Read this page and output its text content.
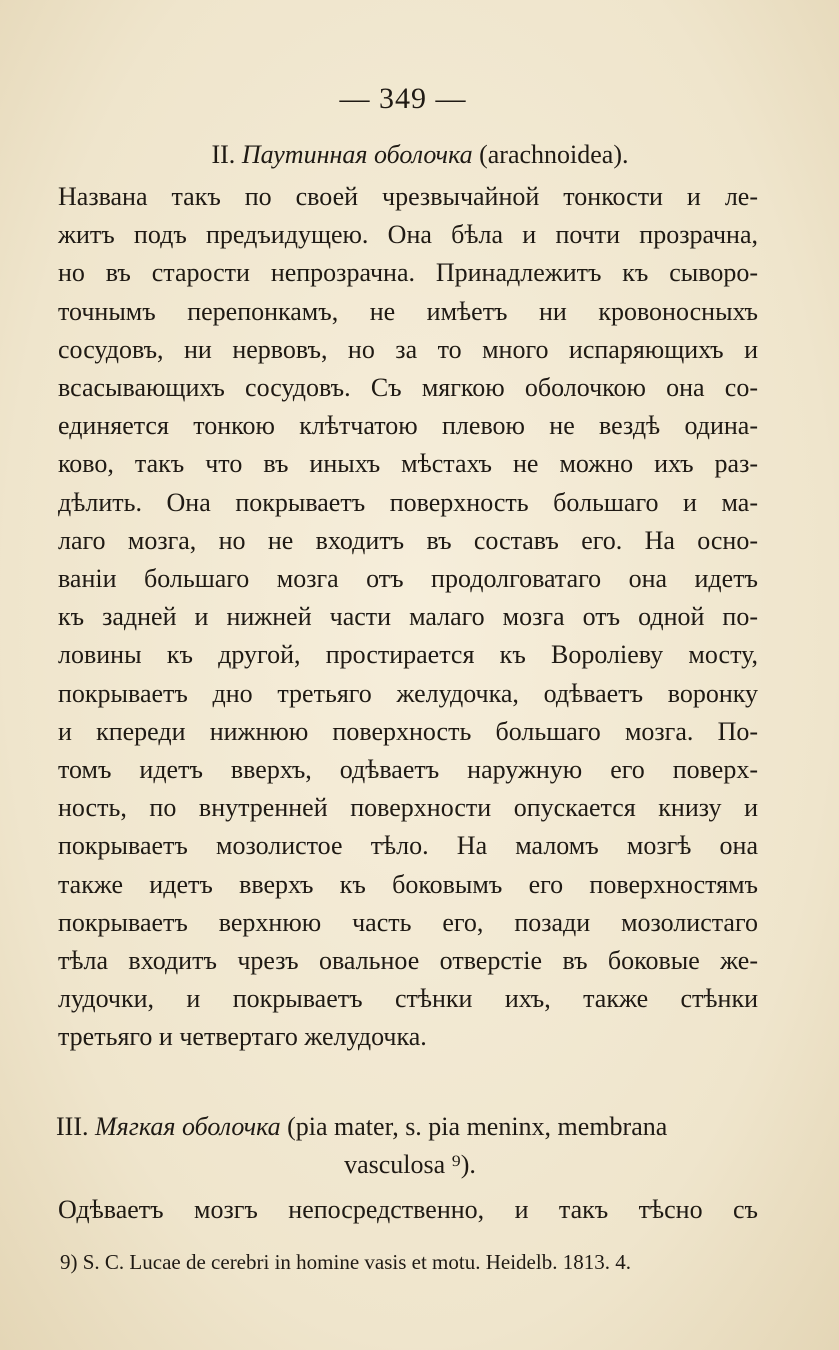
— 349 —
II. Паутинная оболочка (arachnoidea).
Названа такъ по своей чрезвычайной тонкости и ле-
житъ подъ предъидущею. Она бѣла и почти прозрачна,
но въ старости непрозрачна. Принадлежитъ къ сыворо-
точнымъ перепонкамъ, не имѣетъ ни кровоносныхъ
сосудовъ, ни нервовъ, но за то много испаряющихъ и
всасывающихъ сосудовъ. Съ мягкою оболочкою она со-
единяется тонкою клѣтчатою плевою не вездѣ одина-
ково, такъ что въ иныхъ мѣстахъ не можно ихъ раз-
дѣлить. Она покрываетъ поверхность большаго и ма-
лаго мозга, но не входитъ въ составъ его. На осно-
ваніи большаго мозга отъ продолговатаго она идетъ
къ задней и нижней части малаго мозга отъ одной по-
ловины къ другой, простирается къ Вороліеву мосту,
покрываетъ дно третьяго желудочка, одѣваетъ воронку
и кпереди нижнюю поверхность большаго мозга. По-
томъ идетъ вверхъ, одѣваетъ наружную его поверх-
ность, по внутренней поверхности опускается книзу и
покрываетъ мозолистое тѣло. На маломъ мозгѣ она
также идетъ вверхъ къ боковымъ его поверхностямъ
покрываетъ верхнюю часть его, позади мозолистаго
тѣла входитъ чрезъ овальное отверстіе въ боковые же-
лудочки, и покрываетъ стѣнки ихъ, также стѣнки
третьяго и четвертаго желудочка.
III. Мягкая оболочка (pia mater, s. pia meninx, membrana
vasculosa ⁹).
Одѣваетъ мозгъ непосредственно, и такъ тѣсно съ
9) S. C. Lucae de cerebri in homine vasis et motu. Heidelb. 1813. 4.
